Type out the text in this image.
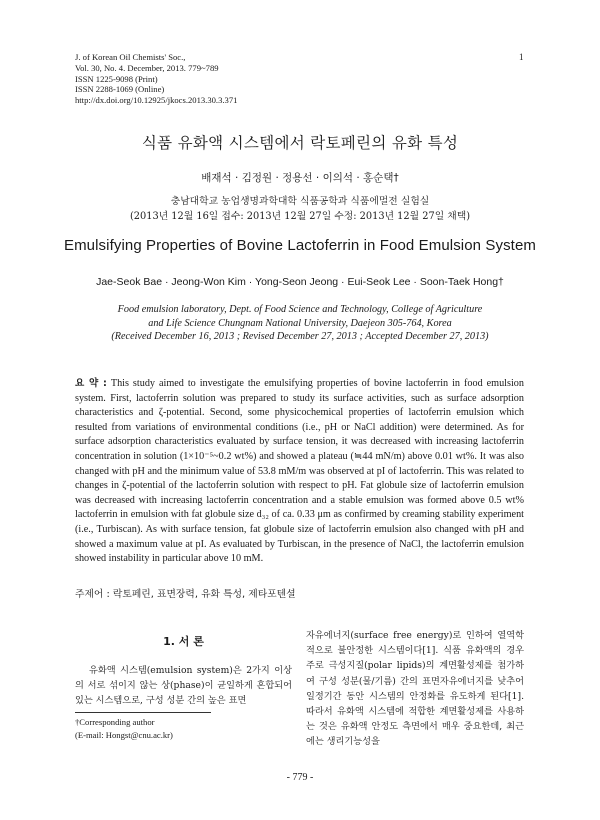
J. of Korean Oil Chemists' Soc.,
Vol. 30, No. 4. December, 2013. 779~789
ISSN 1225-9098 (Print)
ISSN 2288-1069 (Online)
http://dx.doi.org/10.12925/jkocs.2013.30.3.371
1
식품 유화액 시스템에서 락토페린의 유화 특성
배재석 · 김정원 · 정용선 · 이의석 · 홍순택†
충남대학교 농업생명과학대학 식품공학과 식품에멀전 실험실
(2013년 12월 16일 접수: 2013년 12월 27일 수정: 2013년 12월 27일 채택)
Emulsifying Properties of Bovine Lactoferrin in Food Emulsion System
Jae-Seok Bae · Jeong-Won Kim · Yong-Seon Jeong · Eui-Seok Lee · Soon-Taek Hong†
Food emulsion laboratory, Dept. of Food Science and Technology, College of Agriculture
and Life Science Chungnam National University, Daejeon 305-764, Korea
(Received December 16, 2013 ; Revised December 27, 2013 ; Accepted December 27, 2013)
요 약 : This study aimed to investigate the emulsifying properties of bovine lactoferrin in food emulsion system. First, lactoferrin solution was prepared to study its surface activities, such as surface adsorption characteristics and ζ-potential. Second, some physicochemical properties of lactoferrin emulsion which resulted from variations of environmental conditions (i.e., pH or NaCl addition) were determined. As for surface adsorption characteristics evaluated by surface tension, it was decreased with increasing lactoferrin concentration in solution (1×10⁻⁵~0.2 wt%) and showed a plateau (≒44 mN/m) above 0.01 wt%. It was also changed with pH and the minimum value of 53.8 mM/m was observed at pI of lactoferrin. This was related to changes in ζ-potential of the lactoferrin solution with respect to pH. Fat globule size of lactoferrin emulsion was decreased with increasing lactoferrin concentration and a stable emulsion was formed above 0.5 wt% lactoferrin in emulsion with fat globule size d₃₂ of ca. 0.33 μm as confirmed by creaming stability experiment (i.e., Turbiscan). As with surface tension, fat globule size of lactoferrin emulsion also changed with pH and showed a maximum value at pI. As evaluated by Turbiscan, in the presence of NaCl, the lactoferrin emulsion showed instability in particular above 10 mM.
주제어 : 락토페린, 표면장력, 유화 특성, 제타포텐셜
1. 서 론
유화액 시스템(emulsion system)은 2가지 이상의 서로 섞이지 않는 상(phase)이 균일하게 혼합되어있는 시스템으로, 구성 성분 간의 높은 표면
†Corresponding author
(E-mail: Hongst@cnu.ac.kr)
자유에너지(surface free energy)로 인하여 열역학적으로 불안정한 시스템이다[1]. 식품 유화액의 경우 주로 극성지질(polar lipids)의 계면활성제를 첨가하여 구성 성분(물/기름) 간의 표면자유에너지를 낮추어 일정기간 동안 시스템의 안정화를 유도하게 된다[1]. 따라서 유화액 시스템에 적합한 계면활성제를 사용하는 것은 유화액 안정도 측면에서 매우 중요한데, 최근에는 생리기능성을
- 779 -
